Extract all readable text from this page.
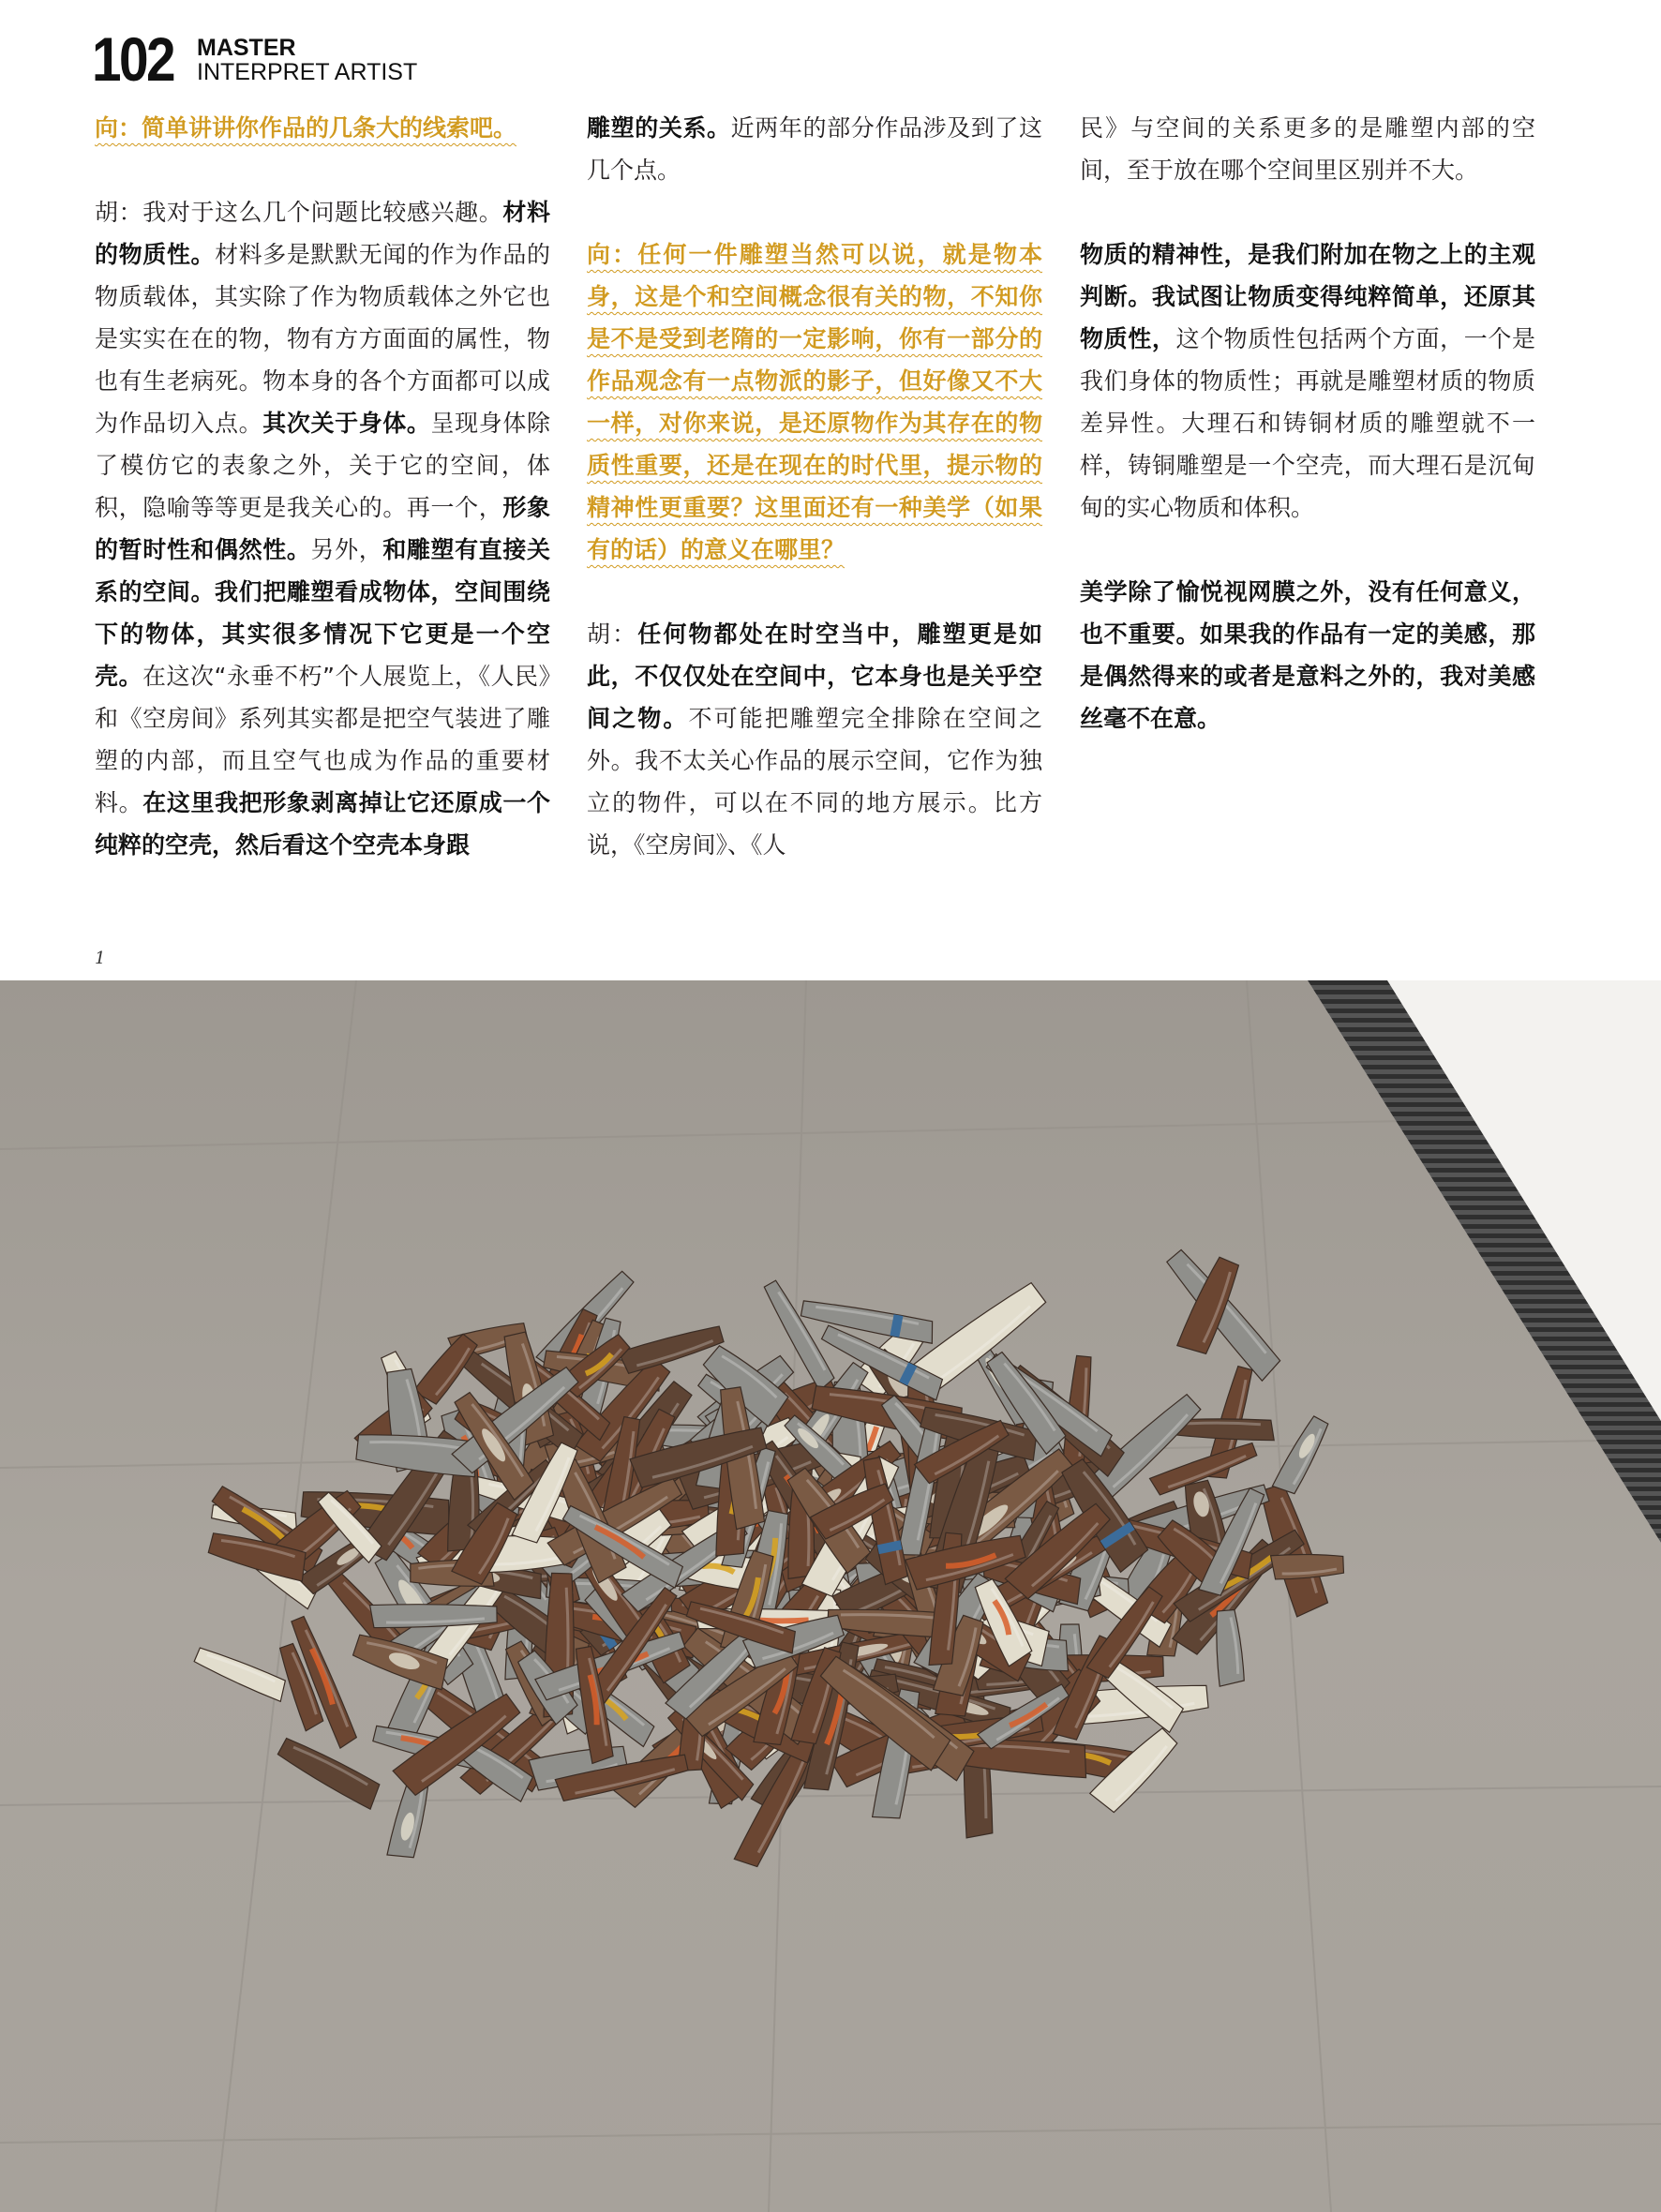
102 MASTER
INTERPRET ARTIST

向：简单讲讲你作品的几条大的线索吧。

胡：我对于这么几个问题比较感兴趣。材料的物质性。材料多是默默无闻的作为作品的物质载体，其实除了作为物质载体之外它也是实实在在的物，物有方方面面的属性，物也有生老病死。物本身的各个方面都可以成为作品切入点。其次关于身体。呈现身体除了模仿它的表象之外，关于它的空间，体积，隐喻等等更是我关心的。再一个，形象的暂时性和偶然性。另外，和雕塑有直接关系的空间。我们把雕塑看成物体，空间围绕下的物体，其实很多情况下它更是一个空壳。在这次“永垂不朽”个人展览上，《人民》和《空房间》系列其实都是把空气装进了雕塑的内部，而且空气也成为作品的重要材料。在这里我把形象剥离掉让它还原成一个纯粹的空壳，然后看这个空壳本身跟

雕塑的关系。近两年的部分作品涉及到了这几个点。

向：任何一件雕塑当然可以说，就是物本身，这是个和空间概念很有关的物，不知你是不是受到老隋的一定影响，你有一部分的作品观念有一点物派的影子，但好像又不大一样，对你来说，是还原物作为其存在的物质性重要，还是在现在的时代里，提示物的精神性更重要？这里面还有一种美学（如果有的话）的意义在哪里？

胡：任何物都处在时空当中，雕塑更是如此，不仅仅处在空间中，它本身也是关乎空间之物。不可能把雕塑完全排除在空间之外。我不太关心作品的展示空间，它作为独立的物件，可以在不同的地方展示。比方说，《空房间》、《人

民》与空间的关系更多的是雕塑内部的空间，至于放在哪个空间里区别并不大。

物质的精神性，是我们附加在物之上的主观判断。我试图让物质变得纯粹简单，还原其物质性，这个物质性包括两个方面，一个是我们身体的物质性；再就是雕塑材质的物质差异性。大理石和铸铜材质的雕塑就不一样，铸铜雕塑是一个空壳，而大理石是沉甸甸的实心物质和体积。

美学除了愉悦视网膜之外，没有任何意义，也不重要。如果我的作品有一定的美感，那是偶然得来的或者是意料之外的，我对美感丝毫不在意。

1
